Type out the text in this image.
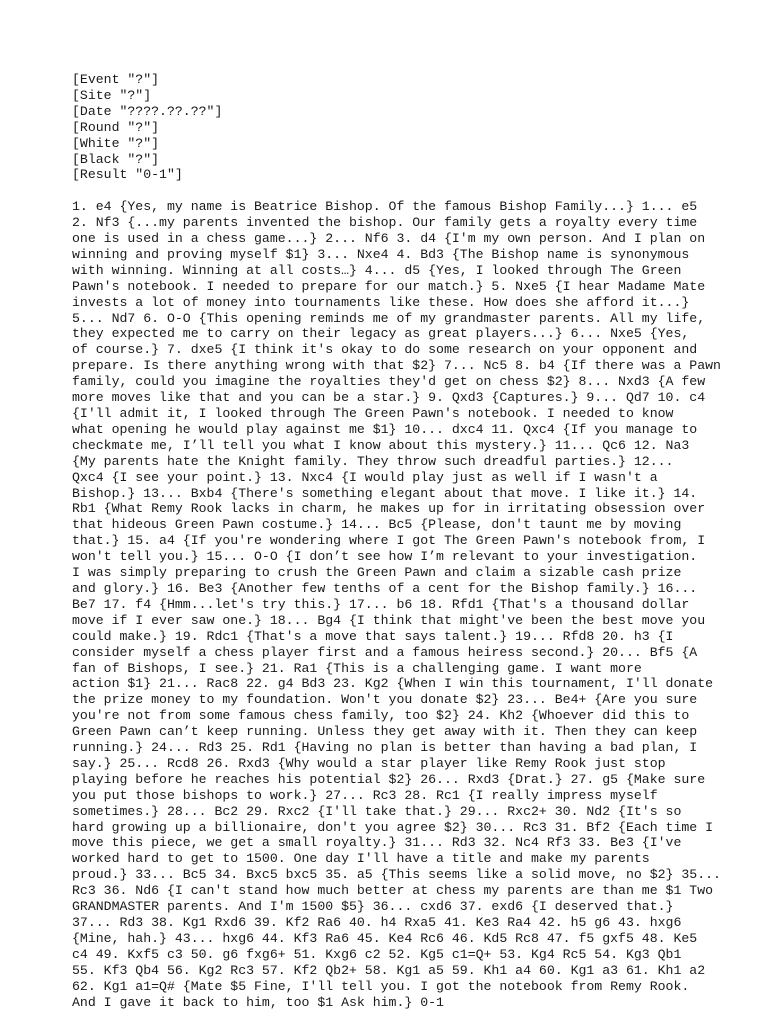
[Event "?"]
[Site "?"]
[Date "????.??.??"]
[Round "?"]
[White "?"]
[Black "?"]
[Result "0-1"]
1. e4 {Yes, my name is Beatrice Bishop. Of the famous Bishop Family...} 1... e5
2. Nf3 {...my parents invented the bishop. Our family gets a royalty every time
one is used in a chess game...} 2... Nf6 3. d4 {I'm my own person. And I plan on
winning and proving myself $1} 3... Nxe4 4. Bd3 {The Bishop name is synonymous
with winning. Winning at all costs…} 4... d5 {Yes, I looked through The Green
Pawn's notebook. I needed to prepare for our match.} 5. Nxe5 {I hear Madame Mate
invests a lot of money into tournaments like these. How does she afford it...}
5... Nd7 6. O-O {This opening reminds me of my grandmaster parents. All my life,
they expected me to carry on their legacy as great players...} 6... Nxe5 {Yes,
of course.} 7. dxe5 {I think it's okay to do some research on your opponent and
prepare. Is there anything wrong with that $2} 7... Nc5 8. b4 {If there was a Pawn
family, could you imagine the royalties they'd get on chess $2} 8... Nxd3 {A few
more moves like that and you can be a star.} 9. Qxd3 {Captures.} 9... Qd7 10. c4
{I'll admit it, I looked through The Green Pawn's notebook. I needed to know
what opening he would play against me $1} 10... dxc4 11. Qxc4 {If you manage to
checkmate me, I’ll tell you what I know about this mystery.} 11... Qc6 12. Na3
{My parents hate the Knight family. They throw such dreadful parties.} 12...
Qxc4 {I see your point.} 13. Nxc4 {I would play just as well if I wasn't a
Bishop.} 13... Bxb4 {There's something elegant about that move. I like it.} 14.
Rb1 {What Remy Rook lacks in charm, he makes up for in irritating obsession over
that hideous Green Pawn costume.} 14... Bc5 {Please, don't taunt me by moving
that.} 15. a4 {If you're wondering where I got The Green Pawn's notebook from, I
won't tell you.} 15... O-O {I don’t see how I’m relevant to your investigation.
I was simply preparing to crush the Green Pawn and claim a sizable cash prize
and glory.} 16. Be3 {Another few tenths of a cent for the Bishop family.} 16...
Be7 17. f4 {Hmm...let's try this.} 17... b6 18. Rfd1 {That's a thousand dollar
move if I ever saw one.} 18... Bg4 {I think that might've been the best move you
could make.} 19. Rdc1 {That's a move that says talent.} 19... Rfd8 20. h3 {I
consider myself a chess player first and a famous heiress second.} 20... Bf5 {A
fan of Bishops, I see.} 21. Ra1 {This is a challenging game. I want more
action $1} 21... Rac8 22. g4 Bd3 23. Kg2 {When I win this tournament, I'll donate
the prize money to my foundation. Won't you donate $2} 23... Be4+ {Are you sure
you're not from some famous chess family, too $2} 24. Kh2 {Whoever did this to
Green Pawn can’t keep running. Unless they get away with it. Then they can keep
running.} 24... Rd3 25. Rd1 {Having no plan is better than having a bad plan, I
say.} 25... Rcd8 26. Rxd3 {Why would a star player like Remy Rook just stop
playing before he reaches his potential $2} 26... Rxd3 {Drat.} 27. g5 {Make sure
you put those bishops to work.} 27... Rc3 28. Rc1 {I really impress myself
sometimes.} 28... Bc2 29. Rxc2 {I'll take that.} 29... Rxc2+ 30. Nd2 {It's so
hard growing up a billionaire, don't you agree $2} 30... Rc3 31. Bf2 {Each time I
move this piece, we get a small royalty.} 31... Rd3 32. Nc4 Rf3 33. Be3 {I've
worked hard to get to 1500. One day I'll have a title and make my parents
proud.} 33... Bc5 34. Bxc5 bxc5 35. a5 {This seems like a solid move, no $2} 35...
Rc3 36. Nd6 {I can't stand how much better at chess my parents are than me $1 Two
GRANDMASTER parents. And I'm 1500 $5} 36... cxd6 37. exd6 {I deserved that.}
37... Rd3 38. Kg1 Rxd6 39. Kf2 Ra6 40. h4 Rxa5 41. Ke3 Ra4 42. h5 g6 43. hxg6
{Mine, hah.} 43... hxg6 44. Kf3 Ra6 45. Ke4 Rc6 46. Kd5 Rc8 47. f5 gxf5 48. Ke5
c4 49. Kxf5 c3 50. g6 fxg6+ 51. Kxg6 c2 52. Kg5 c1=Q+ 53. Kg4 Rc5 54. Kg3 Qb1
55. Kf3 Qb4 56. Kg2 Rc3 57. Kf2 Qb2+ 58. Kg1 a5 59. Kh1 a4 60. Kg1 a3 61. Kh1 a2
62. Kg1 a1=Q# {Mate $5 Fine, I'll tell you. I got the notebook from Remy Rook.
And I gave it back to him, too $1 Ask him.} 0-1
